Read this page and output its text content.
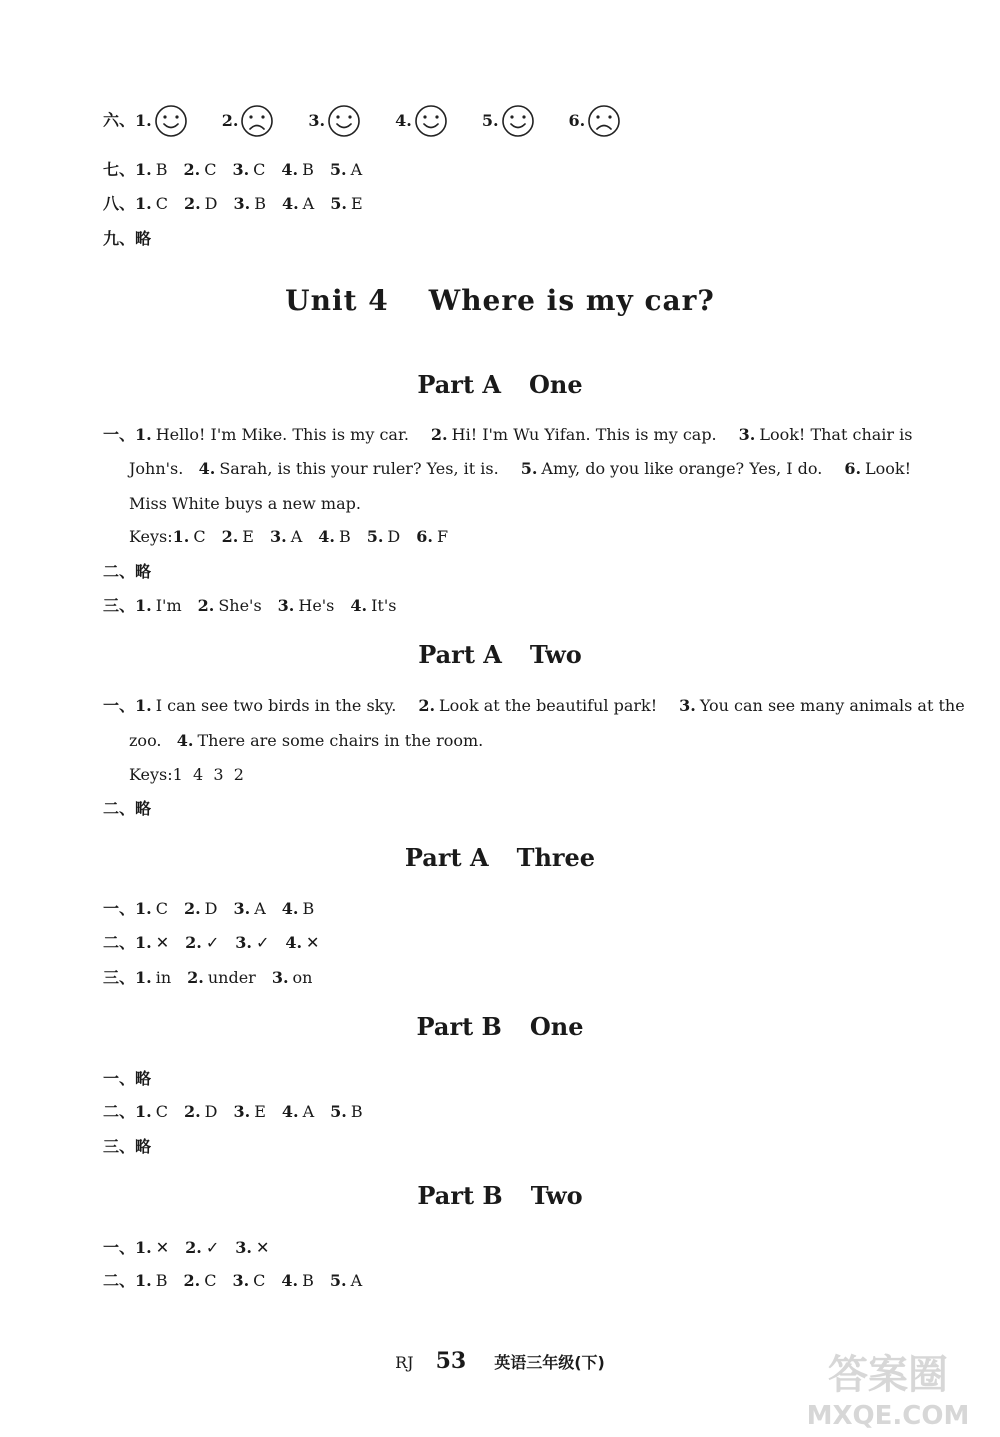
六、1.	2.	3.	4.	5.	6.
七、1. B 2. C 3. C 4. B 5. A
八、1. C 2. D 3. B 4. A 5. E
九、略
Unit 4 Where is my car?
Part A One
一、1. Hello! I'm Mike. This is my car. 2. Hi! I'm Wu Yifan. This is my cap. 3. Look! That chair is
John's. 4. Sarah, is this your ruler? Yes, it is. 5. Amy, do you like orange? Yes, I do. 6. Look!
Miss White buys a new map.
Keys:1. C 2. E 3. A 4. B 5. D 6. F
二、略
三、1. I'm 2. She's 3. He's 4. It's
Part A Two
一、1. I can see two birds in the sky. 2. Look at the beautiful park! 3. You can see many animals at the
zoo. 4. There are some chairs in the room.
Keys:1  4  3  2
二、略
Part A Three
一、1. C 2. D 3. A 4. B
二、1. ✕ 2. ✓ 3. ✓ 4. ✕
三、1. in 2. under 3. on
Part B One
一、略
二、1. C 2. D 3. E 4. A 5. B
三、略
Part B Two
一、1. ✕ 2. ✓ 3. ✕
二、1. B 2. C 3. C 4. B 5. A
RJ 53 英语三年级(下)	答案圈
MXQE.COM
